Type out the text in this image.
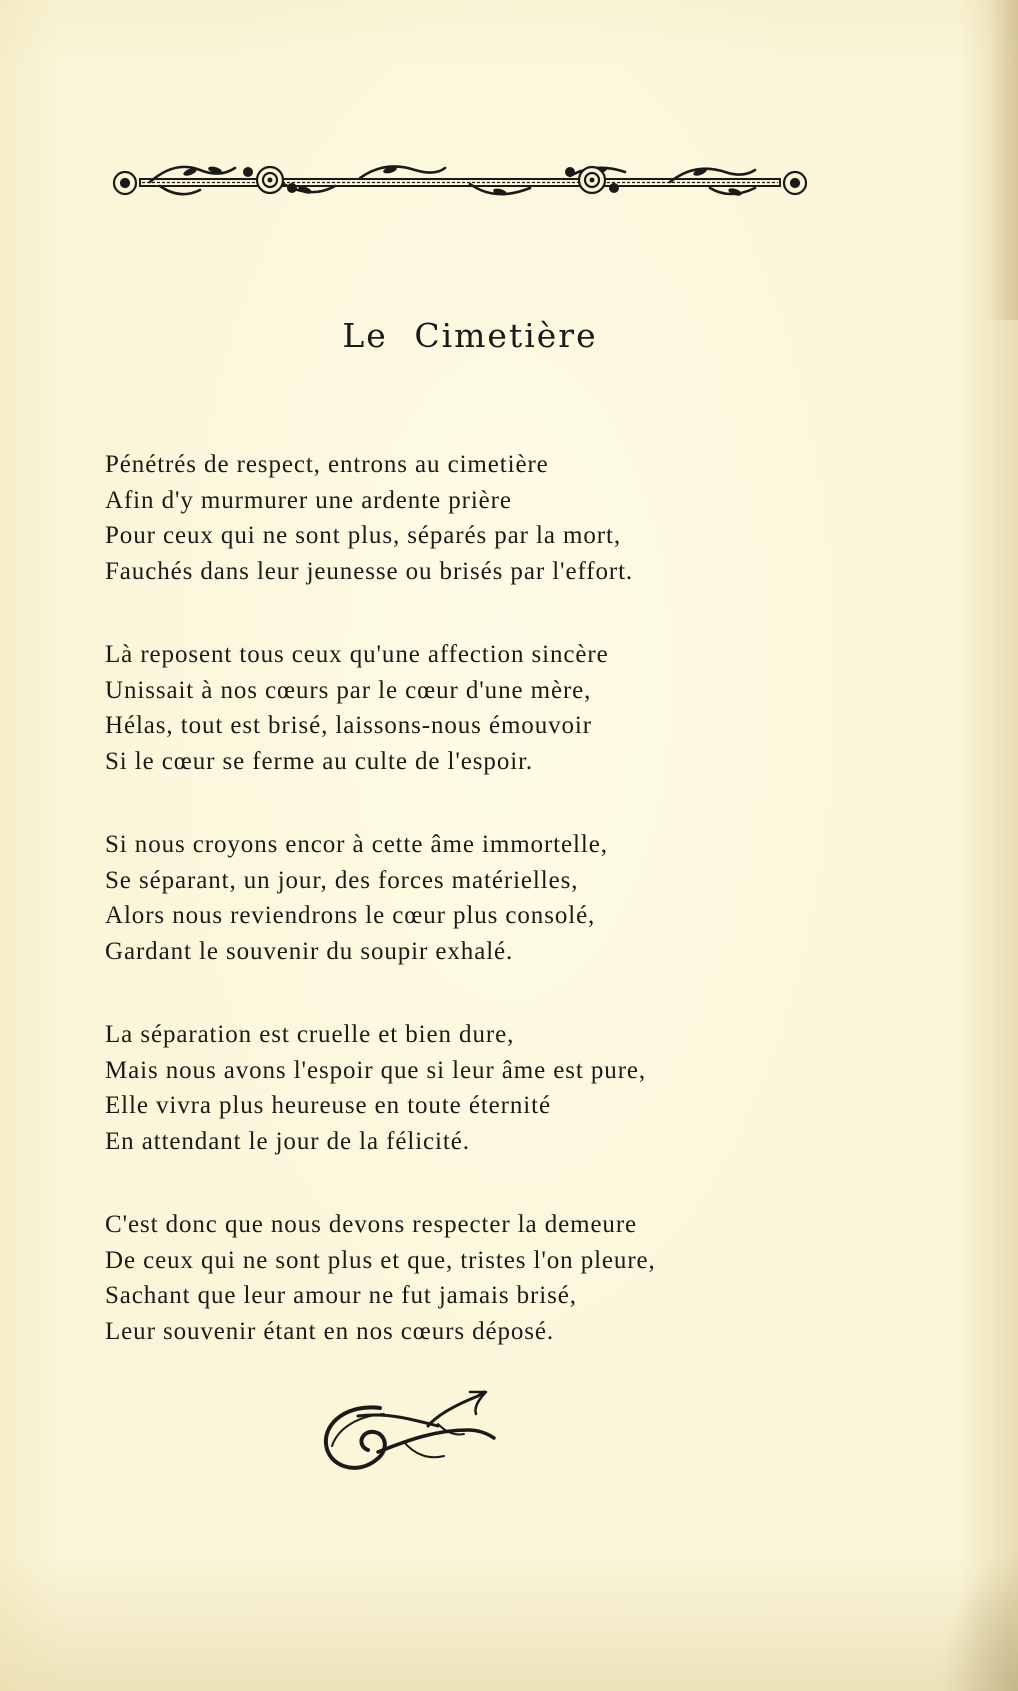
Le Cimetière
Pénétrés de respect, entrons au cimetière
Afin d'y murmurer une ardente prière
Pour ceux qui ne sont plus, séparés par la mort,
Fauchés dans leur jeunesse ou brisés par l'effort.
Là reposent tous ceux qu'une affection sincère
Unissait à nos cœurs par le cœur d'une mère,
Hélas, tout est brisé, laissons-nous émouvoir
Si le cœur se ferme au culte de l'espoir.
Si nous croyons encor à cette âme immortelle,
Se séparant, un jour, des forces matérielles,
Alors nous reviendrons le cœur plus consolé,
Gardant le souvenir du soupir exhalé.
La séparation est cruelle et bien dure,
Mais nous avons l'espoir que si leur âme est pure,
Elle vivra plus heureuse en toute éternité
En attendant le jour de la félicité.
C'est donc que nous devons respecter la demeure
De ceux qui ne sont plus et que, tristes l'on pleure,
Sachant que leur amour ne fut jamais brisé,
Leur souvenir étant en nos cœurs déposé.
